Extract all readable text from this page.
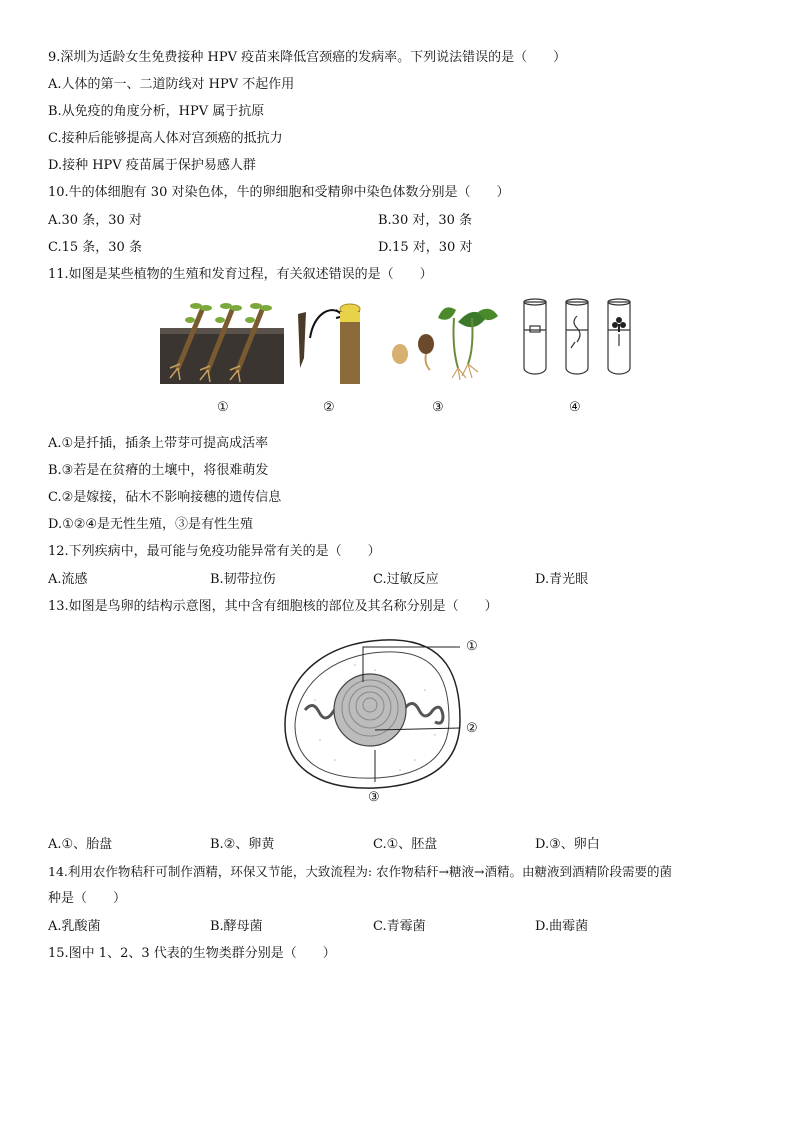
9.深圳为适龄女生免费接种 HPV 疫苗来降低宫颈癌的发病率。下列说法错误的是（　　）
A.人体的第一、二道防线对 HPV 不起作用
B.从免疫的角度分析，HPV 属于抗原
C.接种后能够提高人体对宫颈癌的抵抗力
D.接种 HPV 疫苗属于保护易感人群
10.牛的体细胞有 30 对染色体，牛的卵细胞和受精卵中染色体数分别是（　　）
A.30 条，30 对	B.30 对，30 条
C.15 条，30 条	D.15 对，30 对
11.如图是某些植物的生殖和发育过程，有关叙述错误的是（　　）
①	②	③	④
A.①是扦插，插条上带芽可提高成活率
B.③若是在贫瘠的土壤中，将很难萌发
C.②是嫁接，砧木不影响接穗的遗传信息
D.①②④是无性生殖，③是有性生殖
12.下列疾病中，最可能与免疫功能异常有关的是（　　）
A.流感	B.韧带拉伤	C.过敏反应	D.青光眼
13.如图是鸟卵的结构示意图，其中含有细胞核的部位及其名称分别是（　　）
①
②
③
A.①、胎盘	B.②、卵黄	C.①、胚盘	D.③、卵白
14.利用农作物秸秆可制作酒精，环保又节能，大致流程为: 农作物秸秆→糖液→酒精。由糖液到酒精阶段需要的菌
种是（　　）
A.乳酸菌	B.酵母菌	C.青霉菌	D.曲霉菌
15.图中 1、2、3 代表的生物类群分别是（　　）
